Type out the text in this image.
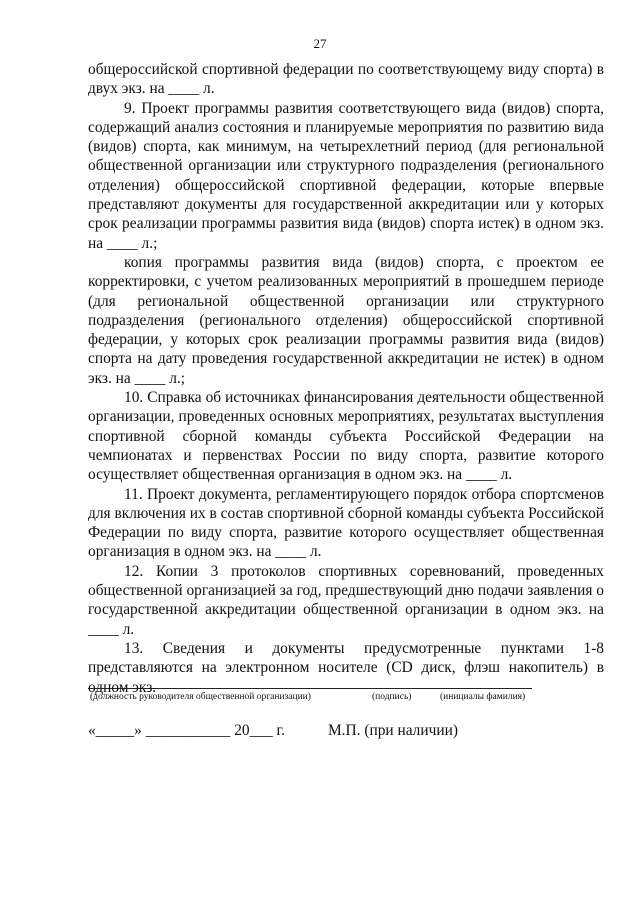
27

общероссийской спортивной федерации по соответствующему виду спорта) в двух экз. на ____ л.

9. Проект программы развития соответствующего вида (видов) спорта, содержащий анализ состояния и планируемые мероприятия по развитию вида (видов) спорта, как минимум, на четырехлетний период (для региональной общественной организации или структурного подразделения (регионального отделения) общероссийской спортивной федерации, которые впервые представляют документы для государственной аккредитации или у которых срок реализации программы развития вида (видов) спорта истек) в одном экз. на ____ л.;

копия программы развития вида (видов) спорта, с проектом ее корректировки, с учетом реализованных мероприятий в прошедшем периоде (для региональной общественной организации или структурного подразделения (регионального отделения) общероссийской спортивной федерации, у которых срок реализации программы развития вида (видов) спорта на дату проведения государственной аккредитации не истек) в одном экз. на ____ л.;

10. Справка об источниках финансирования деятельности общественной организации, проведенных основных мероприятиях, результатах выступления спортивной сборной команды субъекта Российской Федерации на чемпионатах и первенствах России по виду спорта, развитие которого осуществляет общественная организация в одном экз. на ____ л.

11. Проект документа, регламентирующего порядок отбора спортсменов для включения их в состав спортивной сборной команды субъекта Российской Федерации по виду спорта, развитие которого осуществляет общественная организация в одном экз. на ____ л.

12. Копии 3 протоколов спортивных соревнований, проведенных общественной организацией за год, предшествующий дню подачи заявления о государственной аккредитации общественной организации в одном экз. на ____ л.

13. Сведения и документы предусмотренные пунктами 1-8 представляются на электронном носителе (CD диск, флэш накопитель) в одном экз.

(должность руководителя общественной организации)	(подпись)	(инициалы фамилия)
«_____» ___________ 20___ г.	М.П. (при наличии)
